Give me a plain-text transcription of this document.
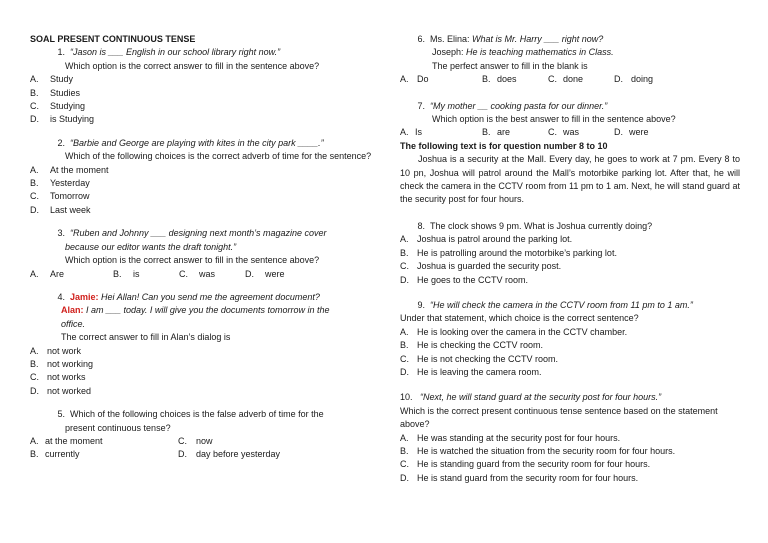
SOAL PRESENT CONTINUOUS TENSE

1. “Jason is ___ English in our school library right now.”
Which option is the correct answer to fill in the sentence above?
A.	Study
B.	Studies
C.	Studying
D.	is Studying
2. “Barbie and George are playing with kites in the city park ____.”
Which of the following choices is the correct adverb of time for the sentence?
A.	At the moment
B.	Yesterday
C.	Tomorrow
D.	Last week
3. “Ruben and Johnny ___ designing next month’s magazine cover
because our editor wants the draft tonight.”
Which option is the correct answer to fill in the sentence above?
A.	Are	B.	is	C.	was	D.	were
4. Jamie: Hei Allan! Can you send me the agreement document?
Alan: I am ___ today. I will give you the documents tomorrow in the
office.
The correct answer to fill in Alan’s dialog is
A. not work
B. not working
C. not works
D. not worked
5. Which of the following choices is the false adverb of time for the
present continuous tense?
A. at the moment	C.	now
B. currently	D.	day before yesterday
6. Ms. Elina: What is Mr. Harry ___ right now?
Joseph: He is teaching mathematics in Class.
The perfect answer to fill in the blank is
A. Do	B. does	C. done	D. doing
7. “My mother __ cooking pasta for our dinner.”
Which option is the best answer to fill in the sentence above?
A. Is	B. are	C. was	D. were
The following text is for question number 8 to 10
Joshua is a security at the Mall. Every day, he goes to work at 7 pm. Every 8 to 10 pn, Joshua will patrol around the Mall’s motorbike parking lot. After that, he will check the camera in the CCTV room from 11 pm to 1 am. Next, he will stand guard at the security post for four hours.
8. The clock shows 9 pm. What is Joshua currently doing?
A. Joshua is patrol around the parking lot.
B. He is patrolling around the motorbike’s parking lot.
C. Joshua is guarded the security post.
D. He goes to the CCTV room.
9. “He will check the camera in the CCTV room from 11 pm to 1 am.”
Under that statement, which choice is the correct sentence?
A. He is looking over the camera in the CCTV chamber.
B. He is checking the CCTV room.
C. He is not checking the CCTV room.
D. He is leaving the camera room.
10. “Next, he will stand guard at the security post for four hours.”
Which is the correct present continuous tense sentence based on the statement above?
A. He was standing at the security post for four hours.
B. He is watched the situation from the security room for four hours.
C. He is standing guard from the security room for four hours.
D. He is stand guard from the security room for four hours.
